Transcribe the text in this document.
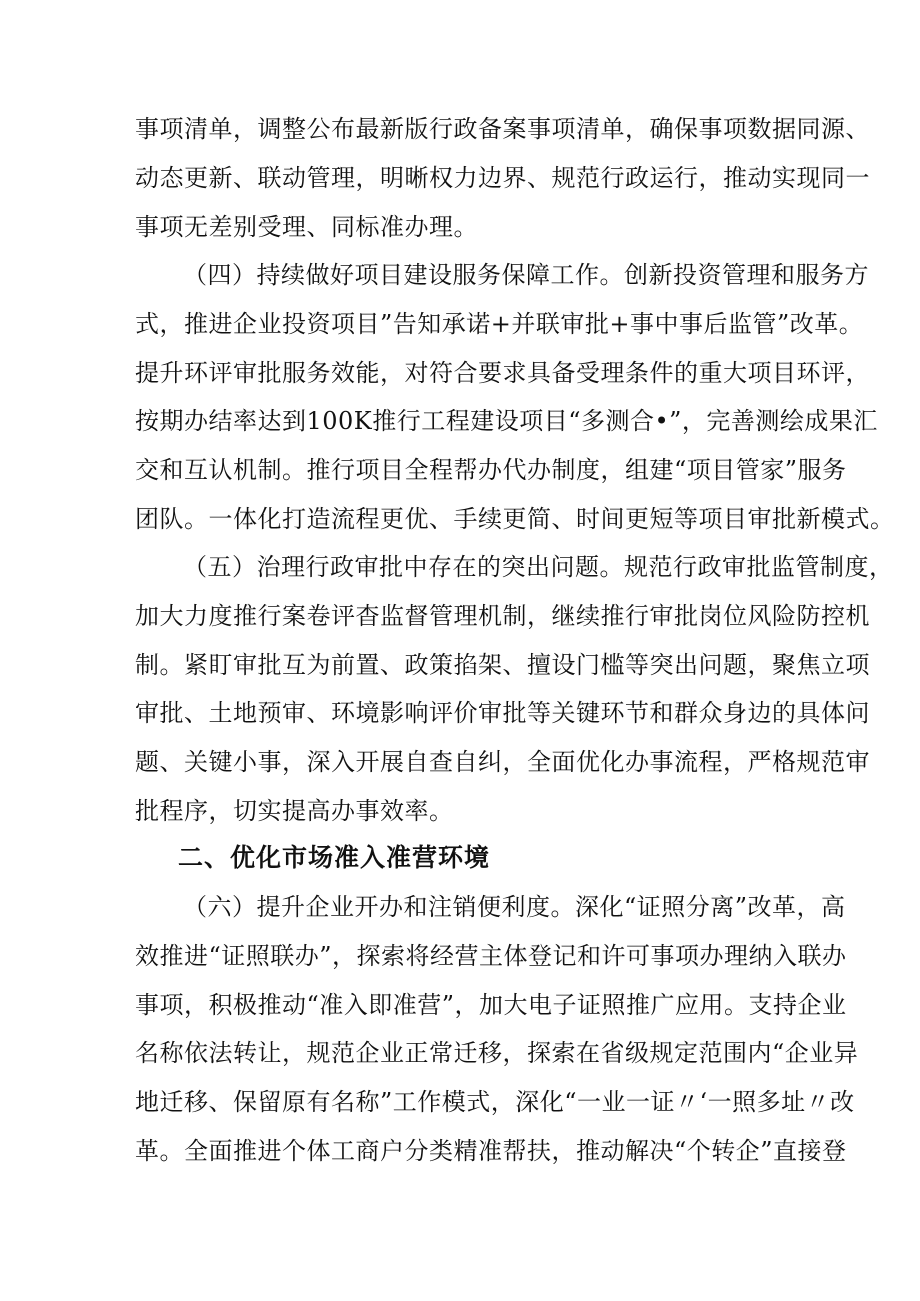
事项清单，调整公布最新版行政备案事项清单，确保事项数据同源、
动态更新、联动管理，明晰权力边界、规范行政运行，推动实现同一
事项无差别受理、同标准办理。
（四）持续做好项目建设服务保障工作。创新投资管理和服务方
式，推进企业投资项目”告知承诺+并联审批+事中事后监管”改革。
提升环评审批服务效能，对符合要求具备受理条件的重大项目环评，
按期办结率达到100K推行工程建设项目“多测合•”，完善测绘成果汇
交和互认机制。推行项目全程帮办代办制度，组建“项目管家”服务
团队。一体化打造流程更优、手续更简、时间更短等项目审批新模式。
（五）治理行政审批中存在的突出问题。规范行政审批监管制度，
加大力度推行案卷评杳监督管理机制，继续推行审批岗位风险防控机
制。紧盯审批互为前置、政策掐架、擅设门槛等突出问题，聚焦立项
审批、土地预审、环境影响评价审批等关键环节和群众身边的具体问
题、关键小事，深入开展自查自纠，全面优化办事流程，严格规范审
批程序，切实提高办事效率。
二、优化市场准入准营环境
（六）提升企业开办和注销便利度。深化“证照分离”改革，高
效推进“证照联办”，探索将经营主体登记和许可事项办理纳入联办
事项，积极推动“准入即准营”，加大电子证照推广应用。支持企业
名称依法转让，规范企业正常迁移，探索在省级规定范围内“企业异
地迁移、保留原有名称”工作模式，深化“一业一证〃‘一照多址〃改
革。全面推进个体工商户分类精准帮扶，推动解决“个转企”直接登
